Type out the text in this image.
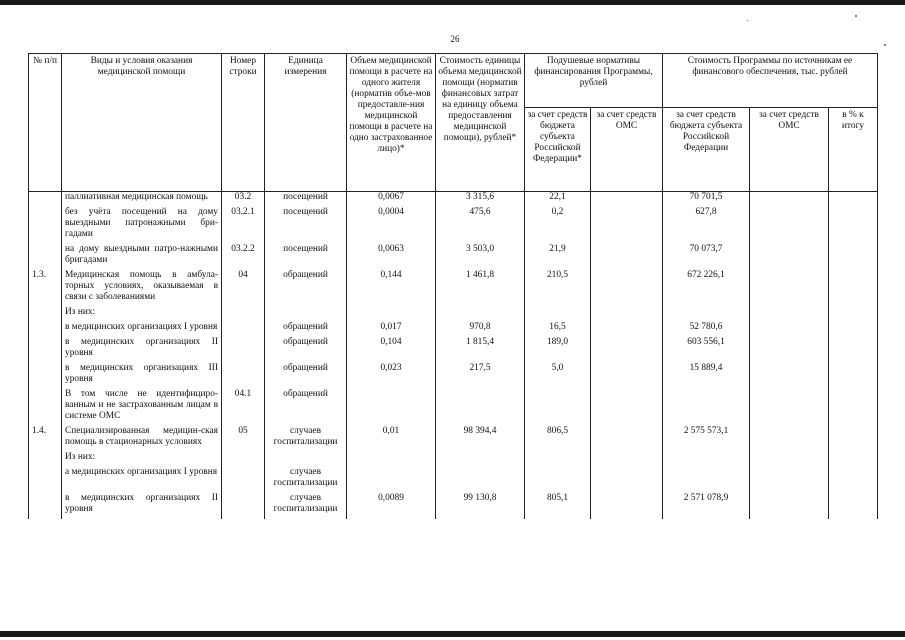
26
№ п/п	Виды и условия оказания медицинской помощи	Номер строки	Единица измерения	Объем медицинской помощи в расчете на одного жителя (норматив объе-мов предоставле-ния медицинской помощи в расчете на одно застрахованное лицо)*	Стоимость единицы объема медицинской помощи (норматив финансовых затрат на единицу объема предоставления медицинской помощи), рублей*	Подушевые нормативы финансирования Программы, рублей		Стоимость Программы по источникам ее финансового обеспечения, тыс. рублей		
						за счет средств бюджета субъекта Российской Федерации*	за счет средств ОМС	за счет средств бюджета субъекта Российской Федерации	за счет средств ОМС	в % к итогу
	паллиативная медицинская помощь	03.2	посещений	0,0067	3 315,6	22,1		70 701,5		
	без учёта посещений на дому выездными патронажными бри-гадами	03.2.1	посещений	0,0004	475,6	0,2		627,8		
	на дому выездными патро-нажными бригадами	03.2.2	посещений	0,0063	3 503,0	21,9		70 073,7		
1.3.	Медицинская помощь в амбула-торных условиях, оказываемая в связи с заболеваниями	04	обращений	0,144	1 461,8	210,5		672 226,1		
	Из них:									
	в медицинских организациях I уровня		обращений	0,017	970,8	16,5		52 780,6		
	в медицинских организациях II уровня		обращений	0,104	1 815,4	189,0		603 556,1		
	в медицинских организациях III уровня		обращений	0,023	217,5	5,0		15 889,4		
	В том числе не идентифициро-ванным и не застрахованным лицам в системе ОМС	04.1	обращений							
1.4.	Специализированная медицин-ская помощь в стационарных условиях	05	случаев госпитализации	0,01	98 394,4	806,5		2 575 573,1		
	Из них:									
	а медицинских организациях I уровня		случаев госпитализации							
	в медицинских организациях II уровня		случаев госпитализации	0,0089	99 130,8	805,1		2 571 078,9		
